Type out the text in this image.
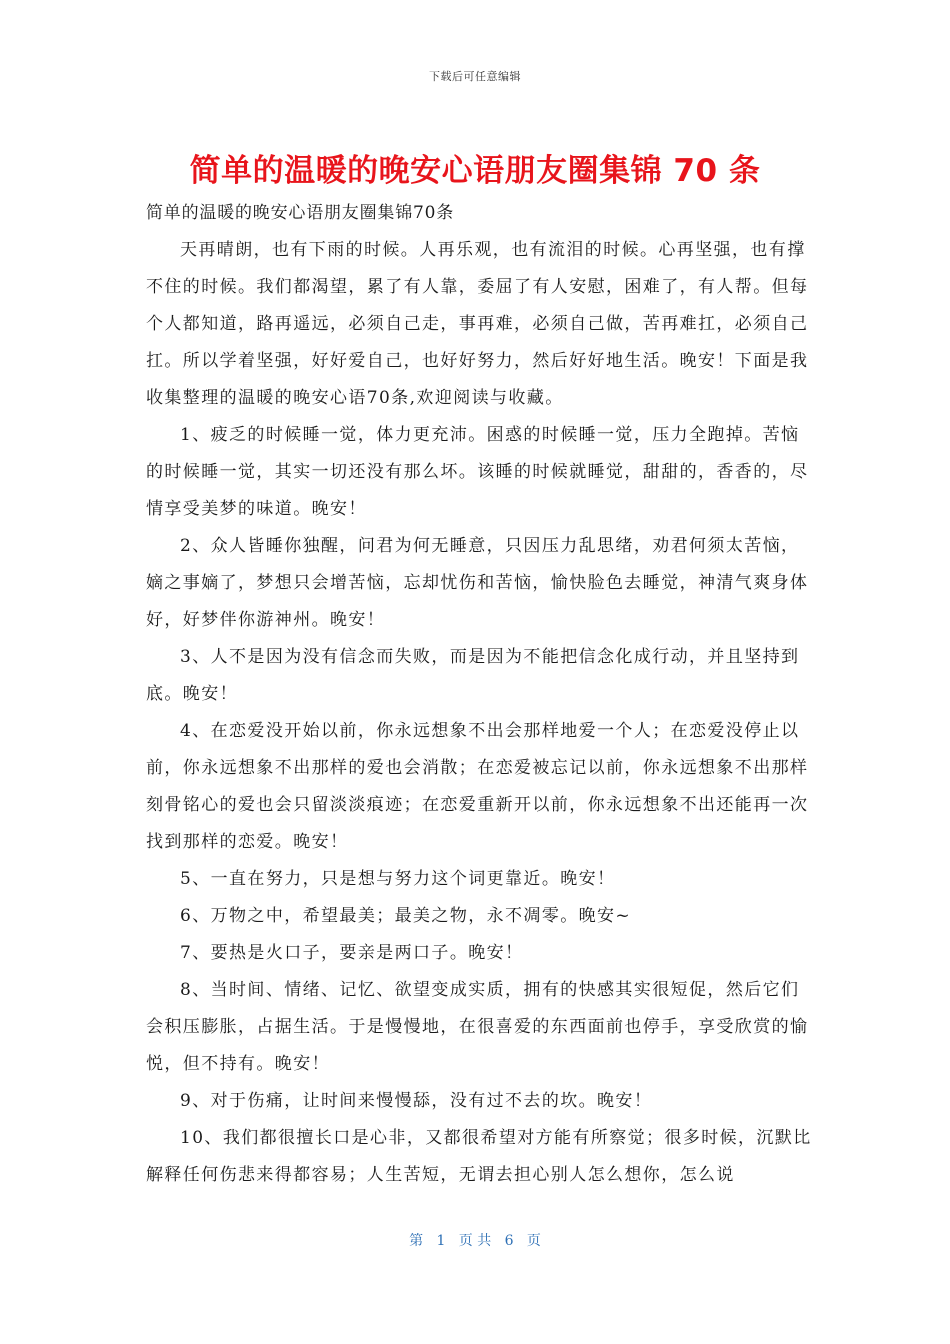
下载后可任意编辑
简单的温暖的晚安心语朋友圈集锦 70 条

简单的温暖的晚安心语朋友圈集锦70条

天再晴朗，也有下雨的时候。人再乐观，也有流泪的时候。心再坚强，也有撑不住的时候。我们都渴望，累了有人靠，委屈了有人安慰，困难了，有人帮。但每个人都知道，路再遥远，必须自己走，事再难，必须自己做，苦再难扛，必须自己扛。所以学着坚强，好好爱自己，也好好努力，然后好好地生活。晚安！下面是我收集整理的温暖的晚安心语70条,欢迎阅读与收藏。

1、疲乏的时候睡一觉，体力更充沛。困惑的时候睡一觉，压力全跑掉。苦恼的时候睡一觉，其实一切还没有那么坏。该睡的时候就睡觉，甜甜的，香香的，尽情享受美梦的味道。晚安！

2、众人皆睡你独醒，问君为何无睡意，只因压力乱思绪，劝君何须太苦恼，嫡之事嫡了，梦想只会增苦恼，忘却忧伤和苦恼，愉快脸色去睡觉，神清气爽身体好，好梦伴你游神州。晚安！

3、人不是因为没有信念而失败，而是因为不能把信念化成行动，并且坚持到底。晚安！

4、在恋爱没开始以前，你永远想象不出会那样地爱一个人；在恋爱没停止以前，你永远想象不出那样的爱也会消散；在恋爱被忘记以前，你永远想象不出那样刻骨铭心的爱也会只留淡淡痕迹；在恋爱重新开以前，你永远想象不出还能再一次找到那样的恋爱。晚安！

5、一直在努力，只是想与努力这个词更靠近。晚安！

6、万物之中，希望最美；最美之物，永不凋零。晚安~

7、要热是火口子，要亲是两口子。晚安！

8、当时间、情绪、记忆、欲望变成实质，拥有的快感其实很短促，然后它们会积压膨胀，占据生活。于是慢慢地，在很喜爱的东西面前也停手，享受欣赏的愉悦，但不持有。晚安！

9、对于伤痛，让时间来慢慢舔，没有过不去的坎。晚安！

10、我们都很擅长口是心非，又都很希望对方能有所察觉；很多时候，沉默比解释任何伤悲来得都容易；人生苦短，无谓去担心别人怎么想你，怎么说

第   1   页 共   6   页
